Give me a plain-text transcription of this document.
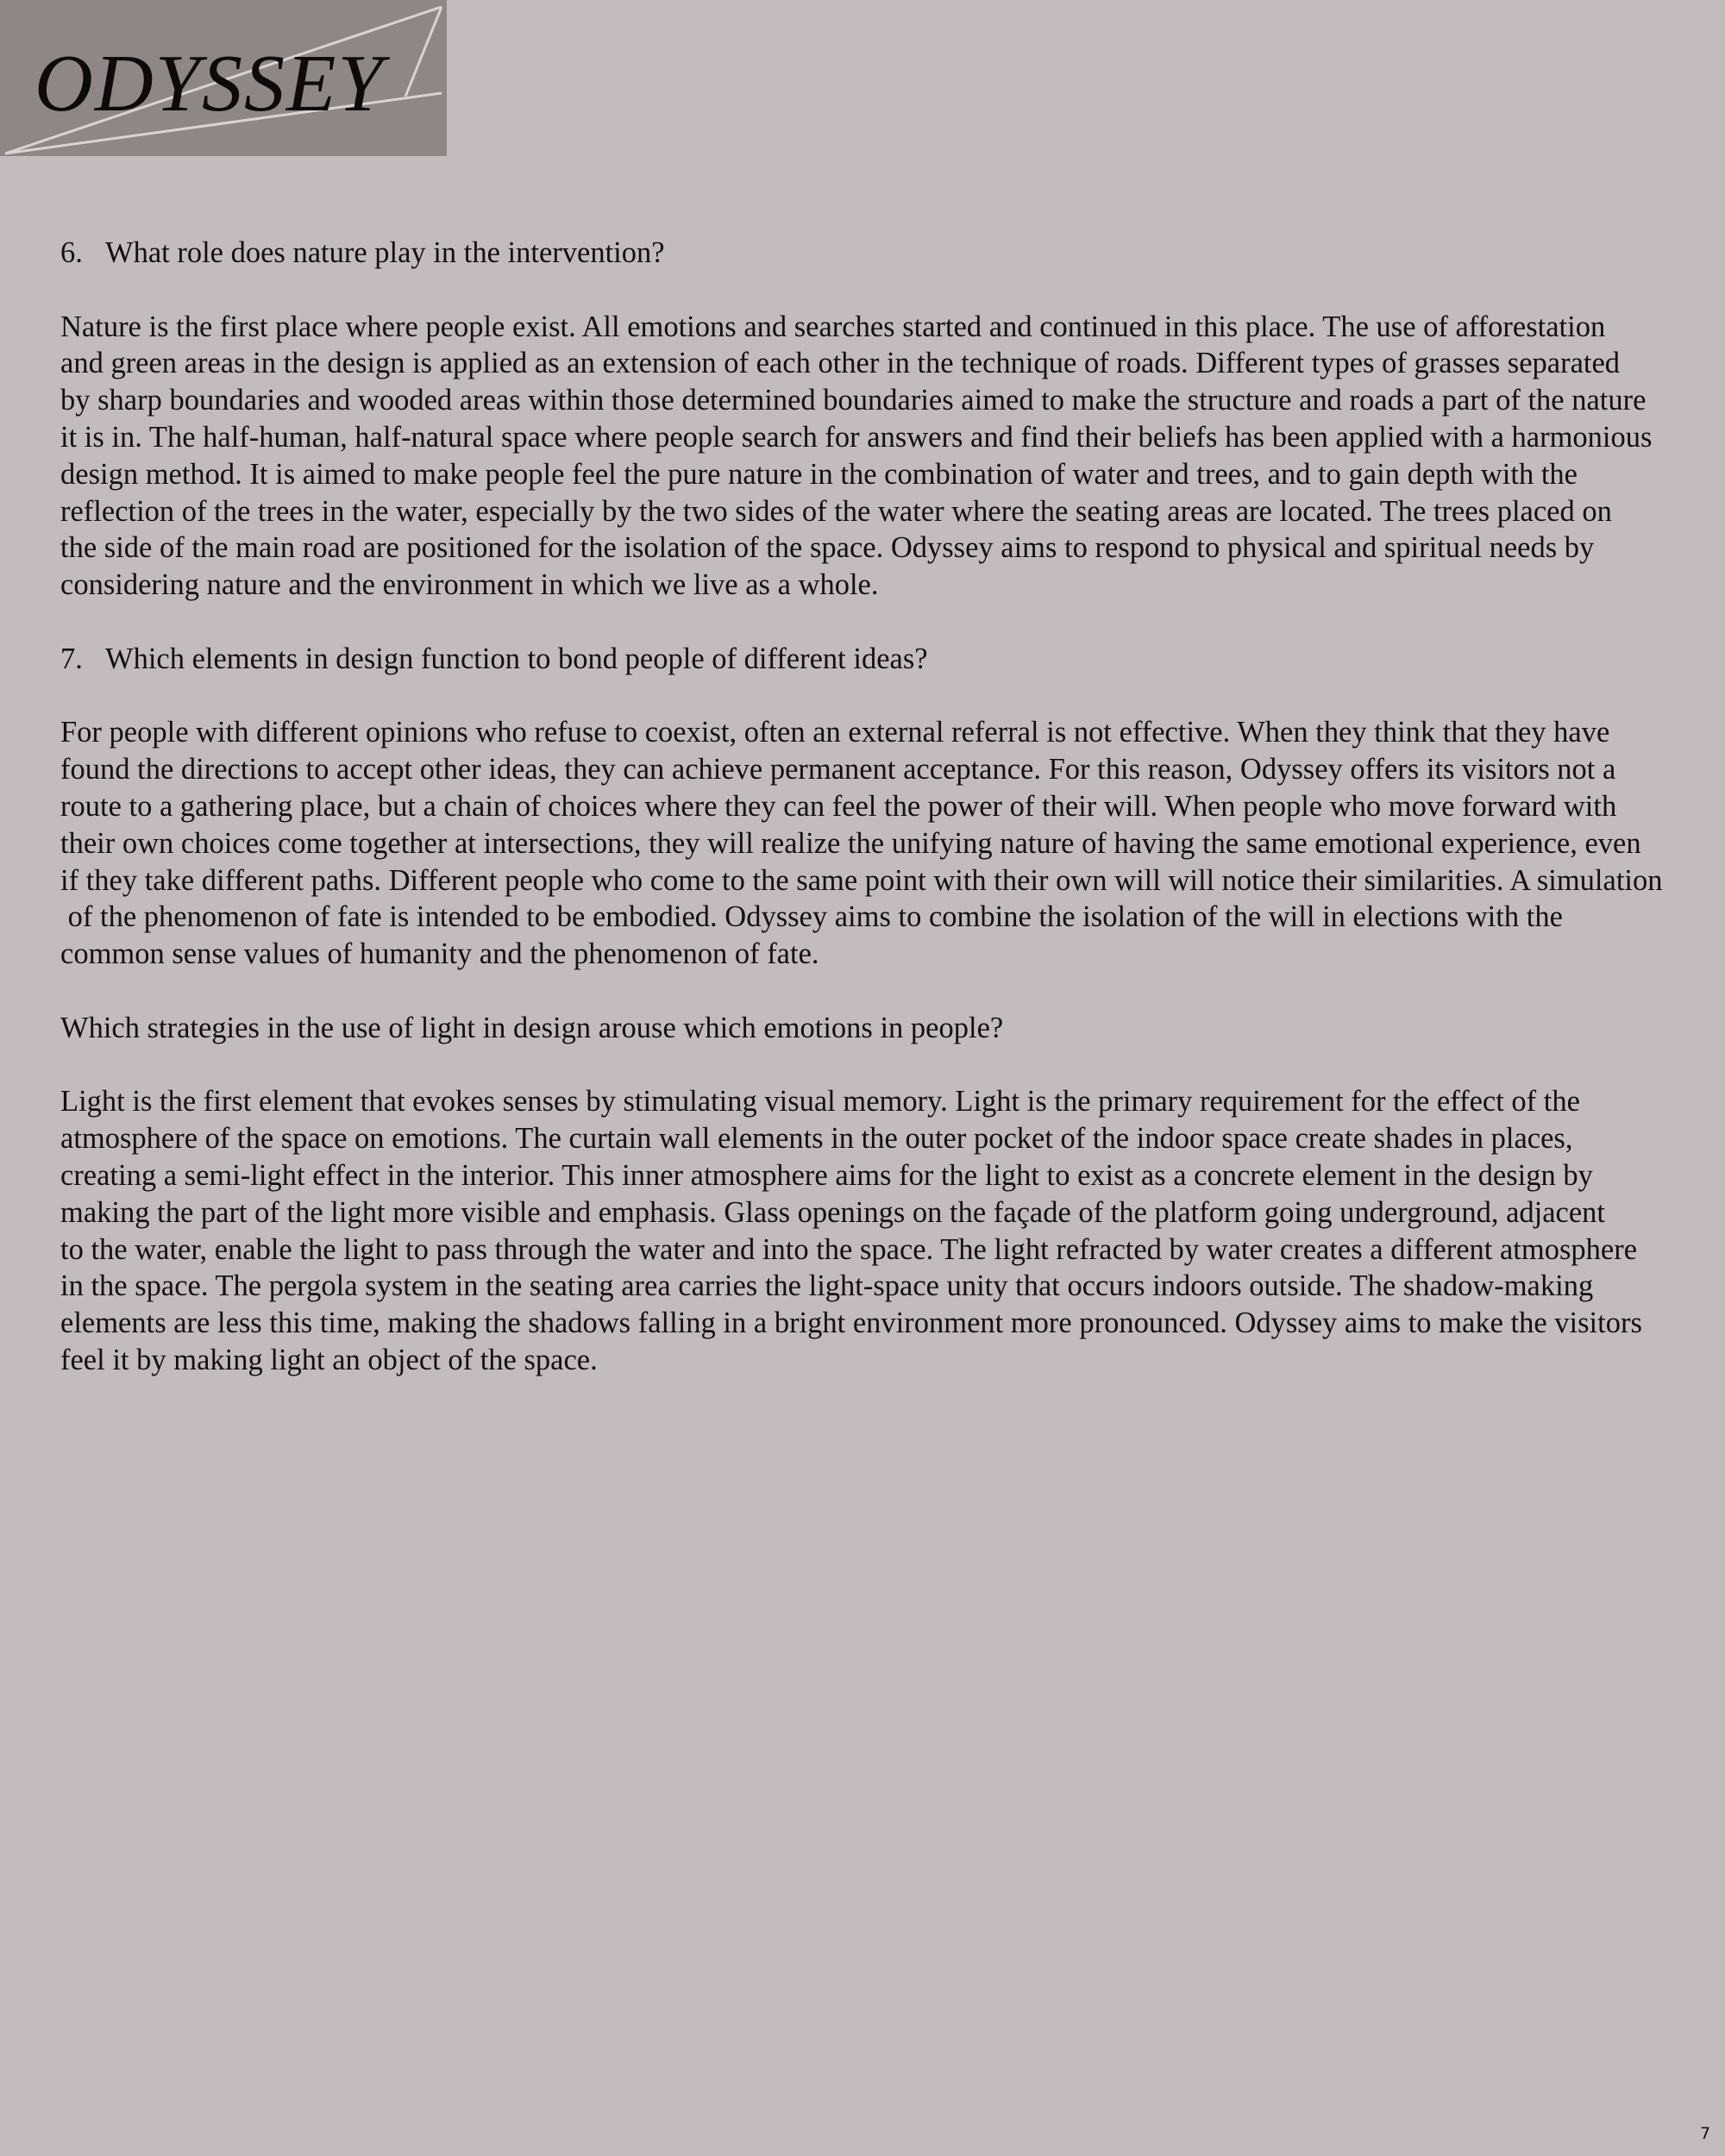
ODYSSEY

6. What role does nature play in the intervention?

Nature is the first place where people exist. All emotions and searches started and continued in this place. The use of afforestation

and green areas in the design is applied as an extension of each other in the technique of roads. Different types of grasses separated

by sharp boundaries and wooded areas within those determined boundaries aimed to make the structure and roads a part of the nature

it is in. The half-human, half-natural space where people search for answers and find their beliefs has been applied with a harmonious

design method. It is aimed to make people feel the pure nature in the combination of water and trees, and to gain depth with the

reflection of the trees in the water, especially by the two sides of the water where the seating areas are located. The trees placed on

the side of the main road are positioned for the isolation of the space. Odyssey aims to respond to physical and spiritual needs by

considering nature and the environment in which we live as a whole.

7. Which elements in design function to bond people of different ideas?

For people with different opinions who refuse to coexist, often an external referral is not effective. When they think that they have

found the directions to accept other ideas, they can achieve permanent acceptance. For this reason, Odyssey offers its visitors not a

route to a gathering place, but a chain of choices where they can feel the power of their will. When people who move forward with

their own choices come together at intersections, they will realize the unifying nature of having the same emotional experience, even

if they take different paths. Different people who come to the same point with their own will will notice their similarities. A simulation

of the phenomenon of fate is intended to be embodied. Odyssey aims to combine the isolation of the will in elections with the

common sense values of humanity and the phenomenon of fate.

Which strategies in the use of light in design arouse which emotions in people?

Light is the first element that evokes senses by stimulating visual memory. Light is the primary requirement for the effect of the

atmosphere of the space on emotions. The curtain wall elements in the outer pocket of the indoor space create shades in places,

creating a semi-light effect in the interior. This inner atmosphere aims for the light to exist as a concrete element in the design by

making the part of the light more visible and emphasis. Glass openings on the façade of the platform going underground, adjacent

to the water, enable the light to pass through the water and into the space. The light refracted by water creates a different atmosphere

in the space. The pergola system in the seating area carries the light-space unity that occurs indoors outside. The shadow-making

elements are less this time, making the shadows falling in a bright environment more pronounced. Odyssey aims to make the visitors

feel it by making light an object of the space.

7
